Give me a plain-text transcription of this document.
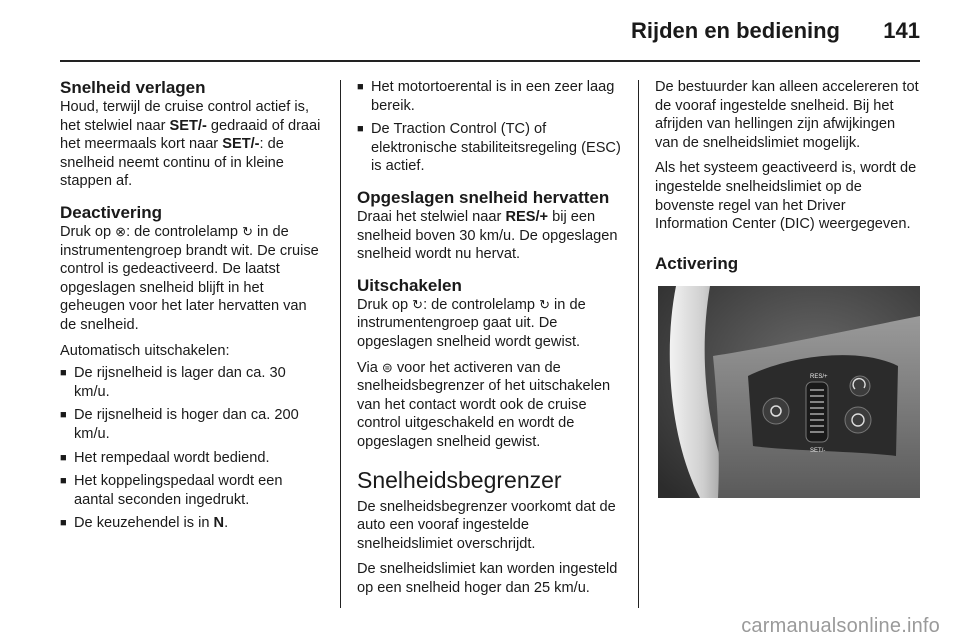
Rijden en bediening 141
Snelheid verlagen

Houd, terwijl de cruise control actief is, het stelwiel naar SET/- gedraaid of draai het meermaals kort naar SET/-: de snelheid neemt continu of in kleine stappen af.

Deactivering

Druk op ⊗: de controlelamp ↻ in de instrumentengroep brandt wit. De cruise control is gedeactiveerd. De laatst opgeslagen snelheid blijft in het geheugen voor het later hervatten van de snelheid.

Automatisch uitschakelen:

■ De rijsnelheid is lager dan ca. 30 km/u.
■ De rijsnelheid is hoger dan ca. 200 km/u.
■ Het rempedaal wordt bediend.
■ Het koppelingspedaal wordt een aantal seconden ingedrukt.
■ De keuzehendel is in N.
■ Het motortoerental is in een zeer laag bereik.
■ De Traction Control (TC) of elektronische stabiliteitsregeling (ESC) is actief.
Opgeslagen snelheid hervatten

Draai het stelwiel naar RES/+ bij een snelheid boven 30 km/u. De opgeslagen snelheid wordt nu hervat.

Uitschakelen

Druk op ↻: de controlelamp ↻ in de instrumentengroep gaat uit. De opgeslagen snelheid wordt gewist.

Via ⊜ voor het activeren van de snelheidsbegrenzer of het uitschakelen van het contact wordt ook de cruise control uitgeschakeld en wordt de opgeslagen snelheid gewist.

Snelheidsbegrenzer

De snelheidsbegrenzer voorkomt dat de auto een vooraf ingestelde snelheidslimiet overschrijdt.

De snelheidslimiet kan worden ingesteld op een snelheid hoger dan 25 km/u.

De bestuurder kan alleen accelereren tot de vooraf ingestelde snelheid. Bij het afrijden van hellingen zijn afwijkingen van de snelheidslimiet mogelijk.

Als het systeem geactiveerd is, wordt de ingestelde snelheidslimiet op de bovenste regel van het Driver Information Center (DIC) weergegeven.

Activering
RES/+
SET/-
carmanualsonline.info
